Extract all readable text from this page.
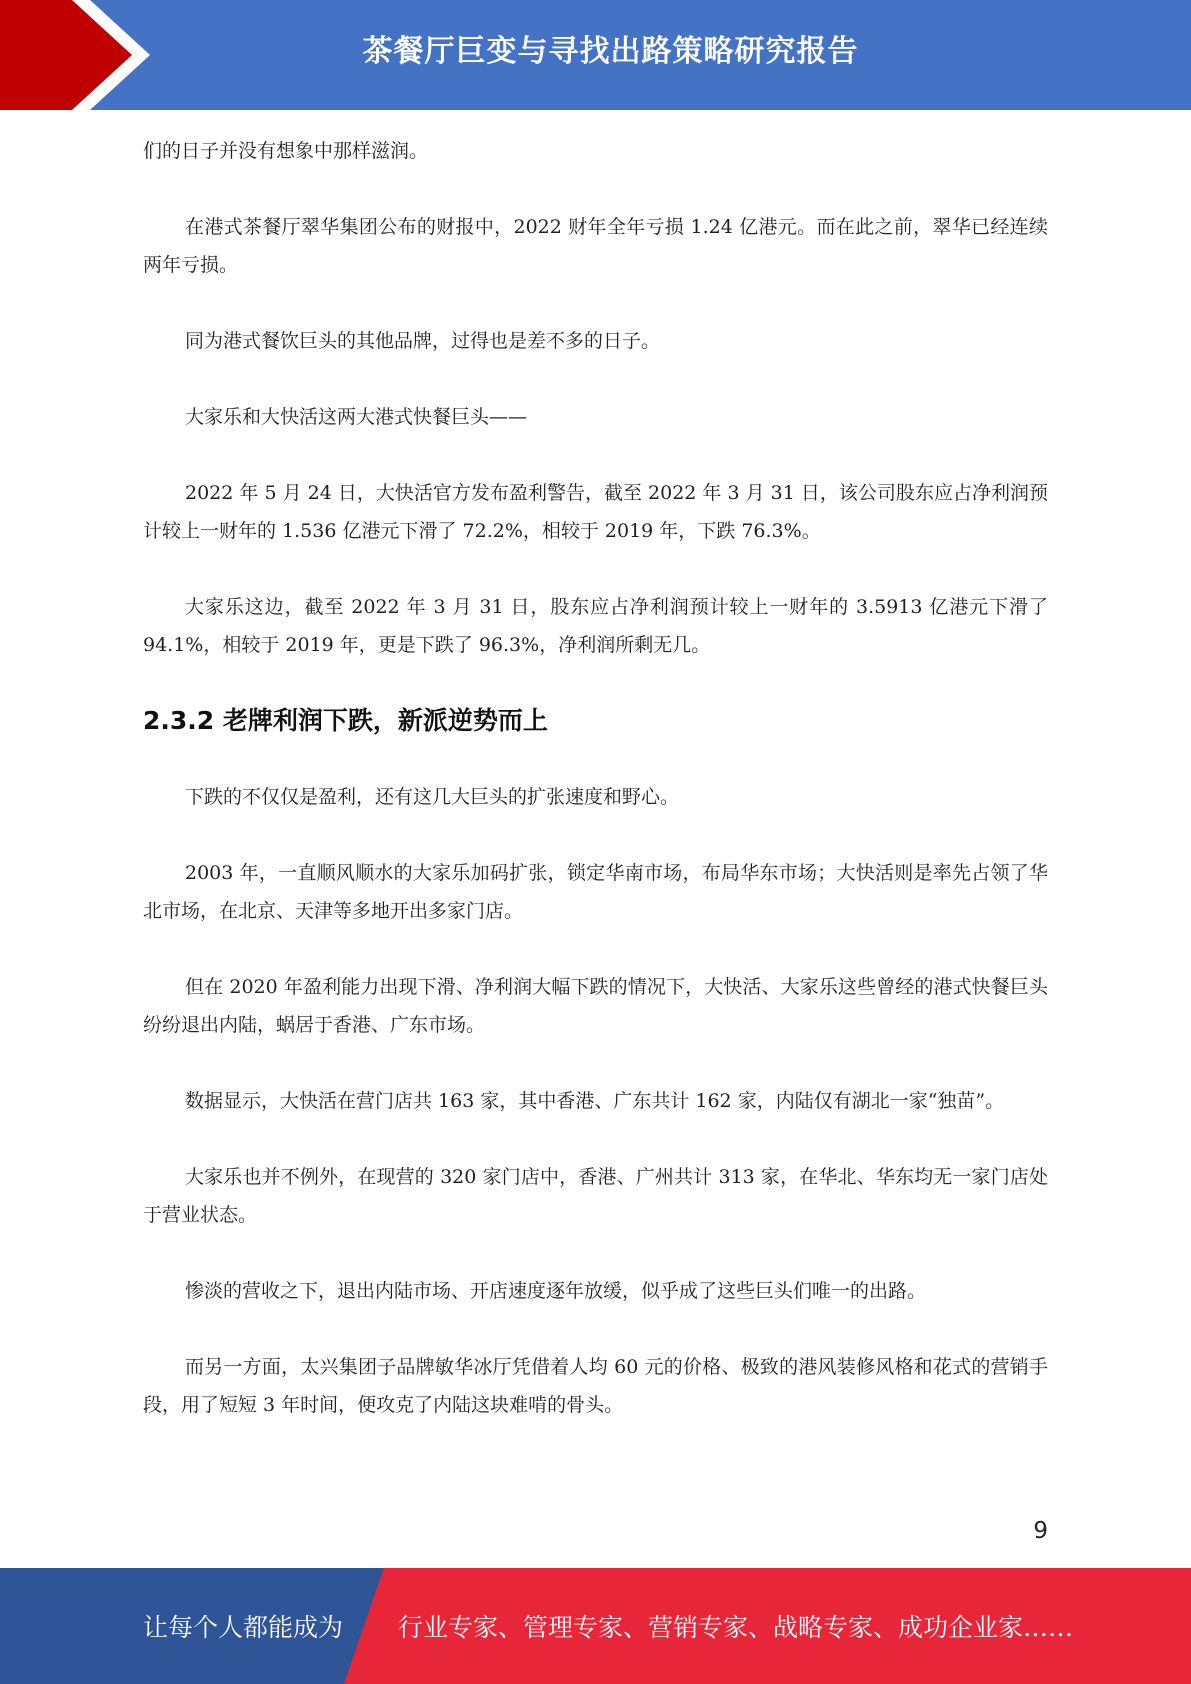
茶餐厅巨变与寻找出路策略研究报告

们的日子并没有想象中那样滋润。

在港式茶餐厅翠华集团公布的财报中，2022 财年全年亏损 1.24 亿港元。而在此之前，翠华已经连续两年亏损。

同为港式餐饮巨头的其他品牌，过得也是差不多的日子。

大家乐和大快活这两大港式快餐巨头——

2022 年 5 月 24 日，大快活官方发布盈利警告，截至 2022 年 3 月 31 日，该公司股东应占净利润预计较上一财年的 1.536 亿港元下滑了 72.2%，相较于 2019 年，下跌 76.3%。

大家乐这边，截至 2022 年 3 月 31 日，股东应占净利润预计较上一财年的 3.5913 亿港元下滑了 94.1%，相较于 2019 年，更是下跌了 96.3%，净利润所剩无几。

2.3.2 老牌利润下跌，新派逆势而上

下跌的不仅仅是盈利，还有这几大巨头的扩张速度和野心。

2003 年，一直顺风顺水的大家乐加码扩张，锁定华南市场，布局华东市场；大快活则是率先占领了华北市场，在北京、天津等多地开出多家门店。

但在 2020 年盈利能力出现下滑、净利润大幅下跌的情况下，大快活、大家乐这些曾经的港式快餐巨头纷纷退出内陆，蜗居于香港、广东市场。

数据显示，大快活在营门店共 163 家，其中香港、广东共计 162 家，内陆仅有湖北一家“独苗”。

大家乐也并不例外，在现营的 320 家门店中，香港、广州共计 313 家，在华北、华东均无一家门店处于营业状态。

惨淡的营收之下，退出内陆市场、开店速度逐年放缓，似乎成了这些巨头们唯一的出路。

而另一方面，太兴集团子品牌敏华冰厅凭借着人均 60 元的价格、极致的港风装修风格和花式的营销手段，用了短短 3 年时间，便攻克了内陆这块难啃的骨头。

9
让每个人都能成为 行业专家、管理专家、营销专家、战略专家、成功企业家……
